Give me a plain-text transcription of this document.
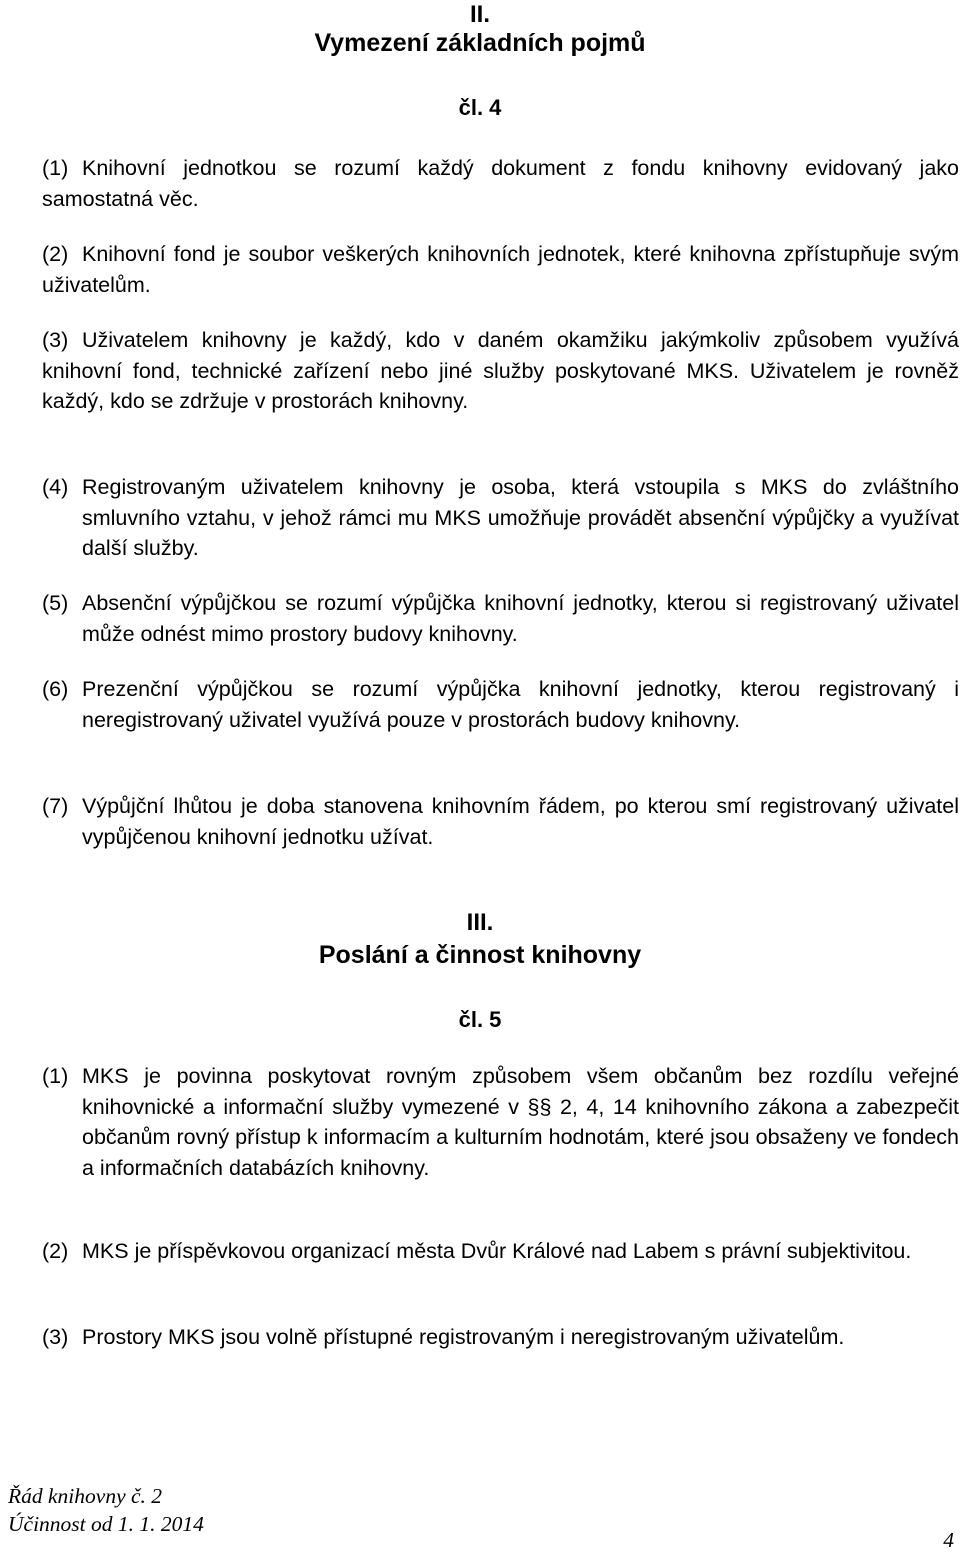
II.
Vymezení základních pojmů
čl. 4
(1) Knihovní jednotkou se rozumí každý dokument z fondu knihovny evidovaný jako samostatná věc.
(2) Knihovní fond je soubor veškerých knihovních jednotek, které knihovna zpřístupňuje svým uživatelům.
(3) Uživatelem knihovny je každý, kdo v daném okamžiku jakýmkoliv způsobem využívá knihovní fond, technické zařízení nebo jiné služby poskytované MKS. Uživatelem je rovněž každý, kdo se zdržuje v prostorách knihovny.
(4) Registrovaným uživatelem knihovny je osoba, která vstoupila s MKS do zvláštního smluvního vztahu, v jehož rámci mu MKS umožňuje provádět absenční výpůjčky a využívat další služby.
(5) Absenční výpůjčkou se rozumí výpůjčka knihovní jednotky, kterou si registrovaný uživatel může odnést mimo prostory budovy knihovny.
(6) Prezenční výpůjčkou se rozumí výpůjčka knihovní jednotky, kterou registrovaný i neregistrovaný uživatel využívá pouze v prostorách budovy knihovny.
(7) Výpůjční lhůtou je doba stanovena knihovním řádem, po kterou smí registrovaný uživatel vypůjčenou knihovní jednotku užívat.
III.
Poslání a činnost knihovny
čl. 5
(1) MKS je povinna poskytovat rovným způsobem všem občanům bez rozdílu veřejné knihovnické a informační služby vymezené v §§ 2, 4, 14 knihovního zákona a zabezpečit občanům rovný přístup k informacím a kulturním hodnotám, které jsou obsaženy ve fondech a informačních databázích knihovny.
(2) MKS je příspěvkovou organizací města Dvůr Králové nad Labem s právní subjektivitou.
(3) Prostory MKS jsou volně přístupné registrovaným i neregistrovaným uživatelům.
Řád knihovny č. 2
Účinnost od 1. 1. 2014
4
